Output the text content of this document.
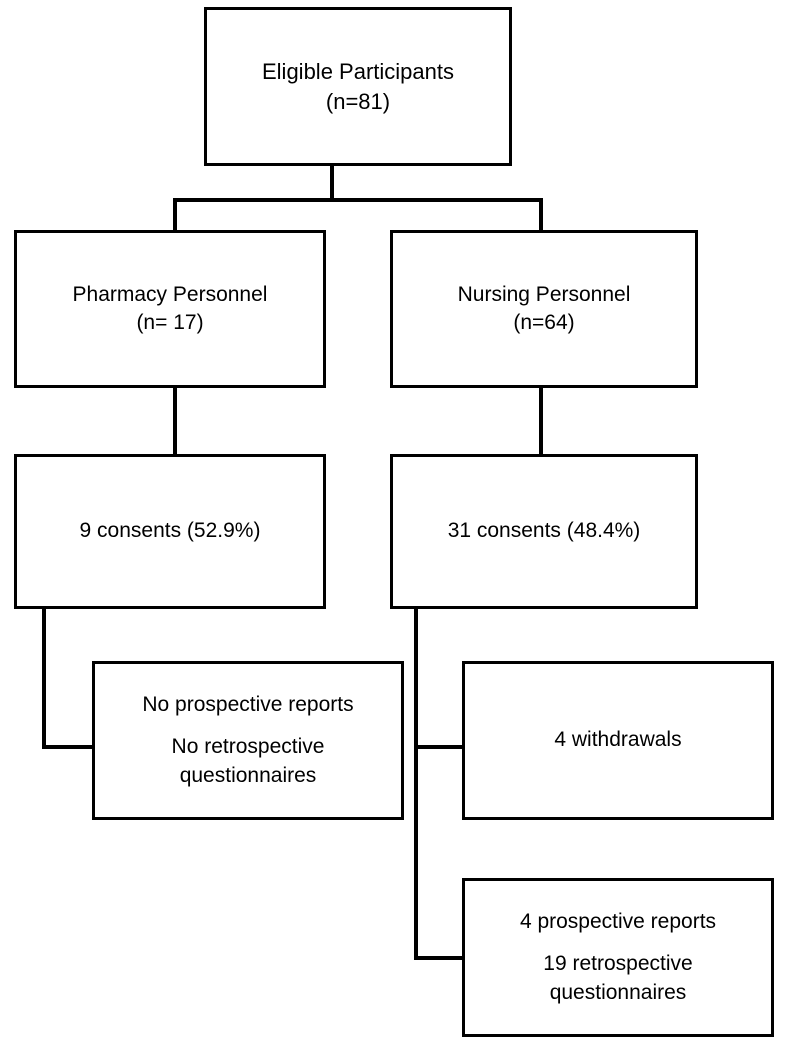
Eligible Participants
(n=81)
Pharmacy Personnel
(n= 17)
Nursing Personnel
(n=64)
9 consents (52.9%)	31 consents (48.4%)
No prospective reports
No retrospective
questionnaires
4 withdrawals
4 prospective reports
19 retrospective
questionnaires
